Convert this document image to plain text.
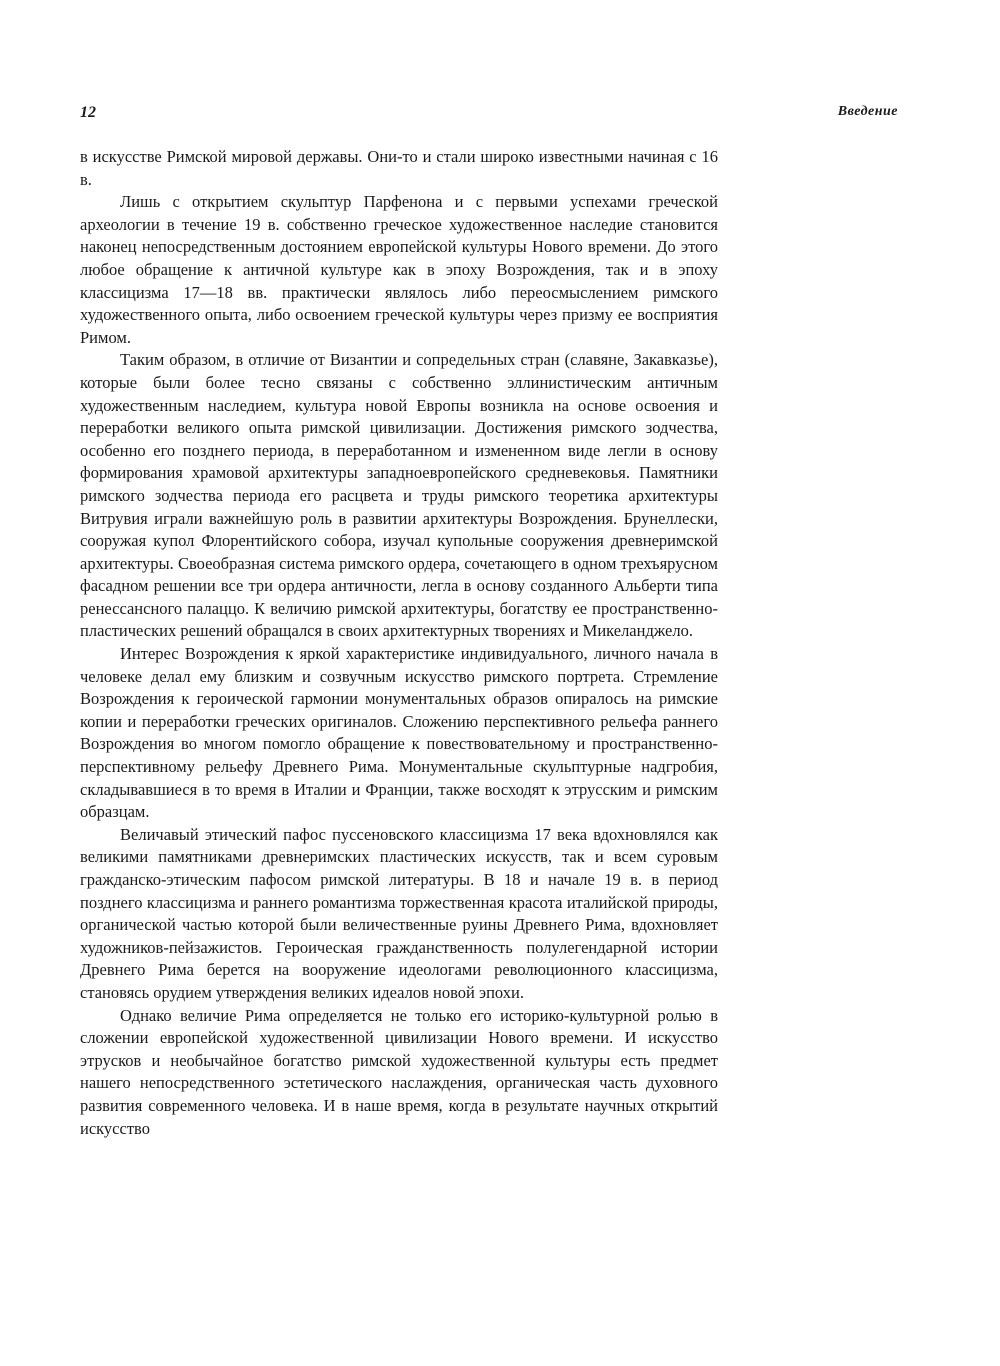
12	Введение

в искусстве Римской мировой державы. Они-то и стали широко известными начиная с 16 в.

Лишь с открытием скульптур Парфенона и с первыми успехами греческой археологии в течение 19 в. собственно греческое художественное наследие становится наконец непосредственным достоянием европейской культуры Нового времени. До этого любое обращение к античной культуре как в эпоху Возрождения, так и в эпоху классицизма 17—18 вв. практически являлось либо переосмыслением римского художественного опыта, либо освоением греческой культуры через призму ее восприятия Римом.

Таким образом, в отличие от Византии и сопредельных стран (славяне, Закавказье), которые были более тесно связаны с собственно эллинистическим античным художественным наследием, культура новой Европы возникла на основе освоения и переработки великого опыта римской цивилизации. Достижения римского зодчества, особенно его позднего периода, в переработанном и измененном виде легли в основу формирования храмовой архитектуры западноевропейского средневековья. Памятники римского зодчества периода его расцвета и труды римского теоретика архитектуры Витрувия играли важнейшую роль в развитии архитектуры Возрождения. Брунеллески, сооружая купол Флорентийского собора, изучал купольные сооружения древнеримской архитектуры. Своеобразная система римского ордера, сочетающего в одном трехъярусном фасадном решении все три ордера античности, легла в основу созданного Альберти типа ренессансного палаццо. К величию римской архитектуры, богатству ее пространственно-пластических решений обращался в своих архитектурных творениях и Микеланджело.

Интерес Возрождения к яркой характеристике индивидуального, личного начала в человеке делал ему близким и созвучным искусство римского портрета. Стремление Возрождения к героической гармонии монументальных образов опиралось на римские копии и переработки греческих оригиналов. Сложению перспективного рельефа раннего Возрождения во многом помогло обращение к повествовательному и пространственно-перспективному рельефу Древнего Рима. Монументальные скульптурные надгробия, складывавшиеся в то время в Италии и Франции, также восходят к этрусским и римским образцам.

Величавый этический пафос пуссеновского классицизма 17 века вдохновлялся как великими памятниками древнеримских пластических искусств, так и всем суровым гражданско-этическим пафосом римской литературы. В 18 и начале 19 в. в период позднего классицизма и раннего романтизма торжественная красота италийской природы, органической частью которой были величественные руины Древнего Рима, вдохновляет художников-пейзажистов. Героическая гражданственность полулегендарной истории Древнего Рима берется на вооружение идеологами революционного классицизма, становясь орудием утверждения великих идеалов новой эпохи.

Однако величие Рима определяется не только его историко-культурной ролью в сложении европейской художественной цивилизации Нового времени. И искусство этрусков и необычайное богатство римской художественной культуры есть предмет нашего непосредственного эстетического наслаждения, органическая часть духовного развития современного человека. И в наше время, когда в результате научных открытий искусство
